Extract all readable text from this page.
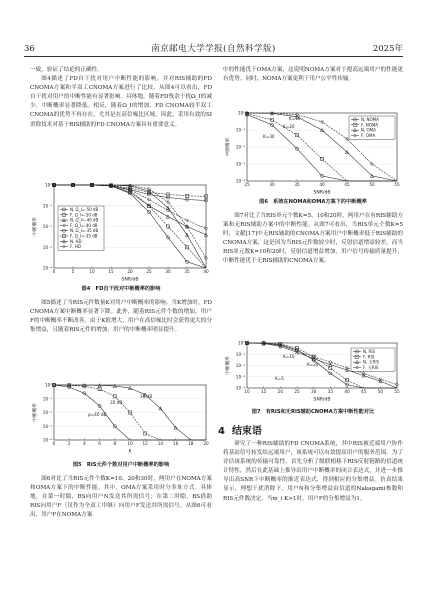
36	南京邮电大学学报(自然科学版)	2025年

一致，验证了结论的正确性。

图4描述了FD自干扰对用户中断性能的影响。并对RIS辅助的FD CNOMA方案和半双工CNOMA方案进行了比较。从图4可以看出，FD自干扰对用户的中断性能有显著影响。具体地，随着FD残余干扰Ω_I的减少，中断概率显著降低。相反，随着Ω_I的增加，FD CNOMA较半双工CNOMA的优势不再存在，尤其是在高信噪比区域。因此，采用有效的SI消除技术对基于RIS辅助的FD CNOMA方案具有重要意义。

10⁰
10⁻¹
10⁻²
10⁻³
10⁻⁴
0	5	10	15	20	25	30	35	40
SNR/dB
中断概率
N, Ω_I=-50 dB
F, Ω_I=-50 dB
N, Ω_I=-40 dB
F, Ω_I=-40 dB
N, Ω_I=-35 dB
F, Ω_I=-35 dB
N, HD
F, HD
图4　FD自干扰对中断概率的影响

图5描述了当RIS元件数量K对用户中断概率的影响。当K增加时，FD CNOMA方案中断概率显著下降。此外，随着RIS元件个数的增加，用户F的中断概率不断改善。由于K值增大，用户在高信噪比时会获得更大的分集增益，且随着RIS元件的增加，用户的中断概率明显提升。

10⁰
10⁻¹
10⁻²
10⁻³
10⁻⁴
0	2	4	6	8	10 12 14 16 18 20
K
中断概率	ρ=40 dB
35 dB
30 dB
图5　RIS元件个数对用户中断概率的影响

图6对比了当RIS元件个数K=10、20和30时，两用户在NOMA方案和OMA方案下的中断性能。其中，OMA方案采用时分多址方式。具体地，在第一时隙，BS向用户N发送其所需信号；在第二时隙，BS借助RIS向用户F（仅作为全双工中继）向用户F发送其所需信号。从图6可看出，用户F在NOMA方案

中的性能优于OMA方案，这说明NOMA方案对于提高远端用户的性能更有优势。同时，NOMA方案更利于用户公平性传输。

10⁰
10⁻¹
10⁻²
10⁻³
10⁻⁴
25	30	35	40	45	50	55
SNR/dB
中断概率
N, NOMA
F, NOMA
N, OMA
F, OMA
K=30
K=20
K=10
图6　系统在NOMA和OMA方案下的中断概率

图7对比了当RIS单元个数K=5、10和20时，两用户在有RIS辅助方案和无RIS辅助方案中的中断性能。从图7可看出，当RIS单元个数K=5时，文献[17]中无RIS辅助的CNOMA方案用户中断概率低于RIS辅助的CNOMA方案，这是因为当RIS元件数较少时，反射信道增益较差，而当RIS单元数K=10和20时，反射信道增益增加，用户信号传输质量提升，中断性能优于无RIS辅助的CNOMA方案。

10⁰
10⁻¹
10⁻²
10⁻³
10⁻⁴
10	15	20	25	30	35	40	45	50	55
SNR/dB
中断概率
N, RIS
F, RIS
N, 无RIS
F, 无RIS
K=5
K=10
K=20
图7　有RIS和无RIS辅助CNOMA方案中断性能对比
4 结束语

研究了一种RIS辅助的FD CNOMA系统，其中RIS被近端用户协作将基站信号转发给远端用户，该系统可以有效提高用户的服务范围。为了评估该系统的传输可靠性，首先分析了级联相移下RIS反射链路的信道统计特性，然后在此基础上推导出用户中断概率的闭合表达式，并进一步推导出高SNR下中断概率的渐近表达式，得到相应的分集增益。仿真结果显示，理想干扰消除下，用户N和分集增益由信道的Nakagami参数和RIS元件数决定。当m_i K>1时，用户F的分集增益为1。
